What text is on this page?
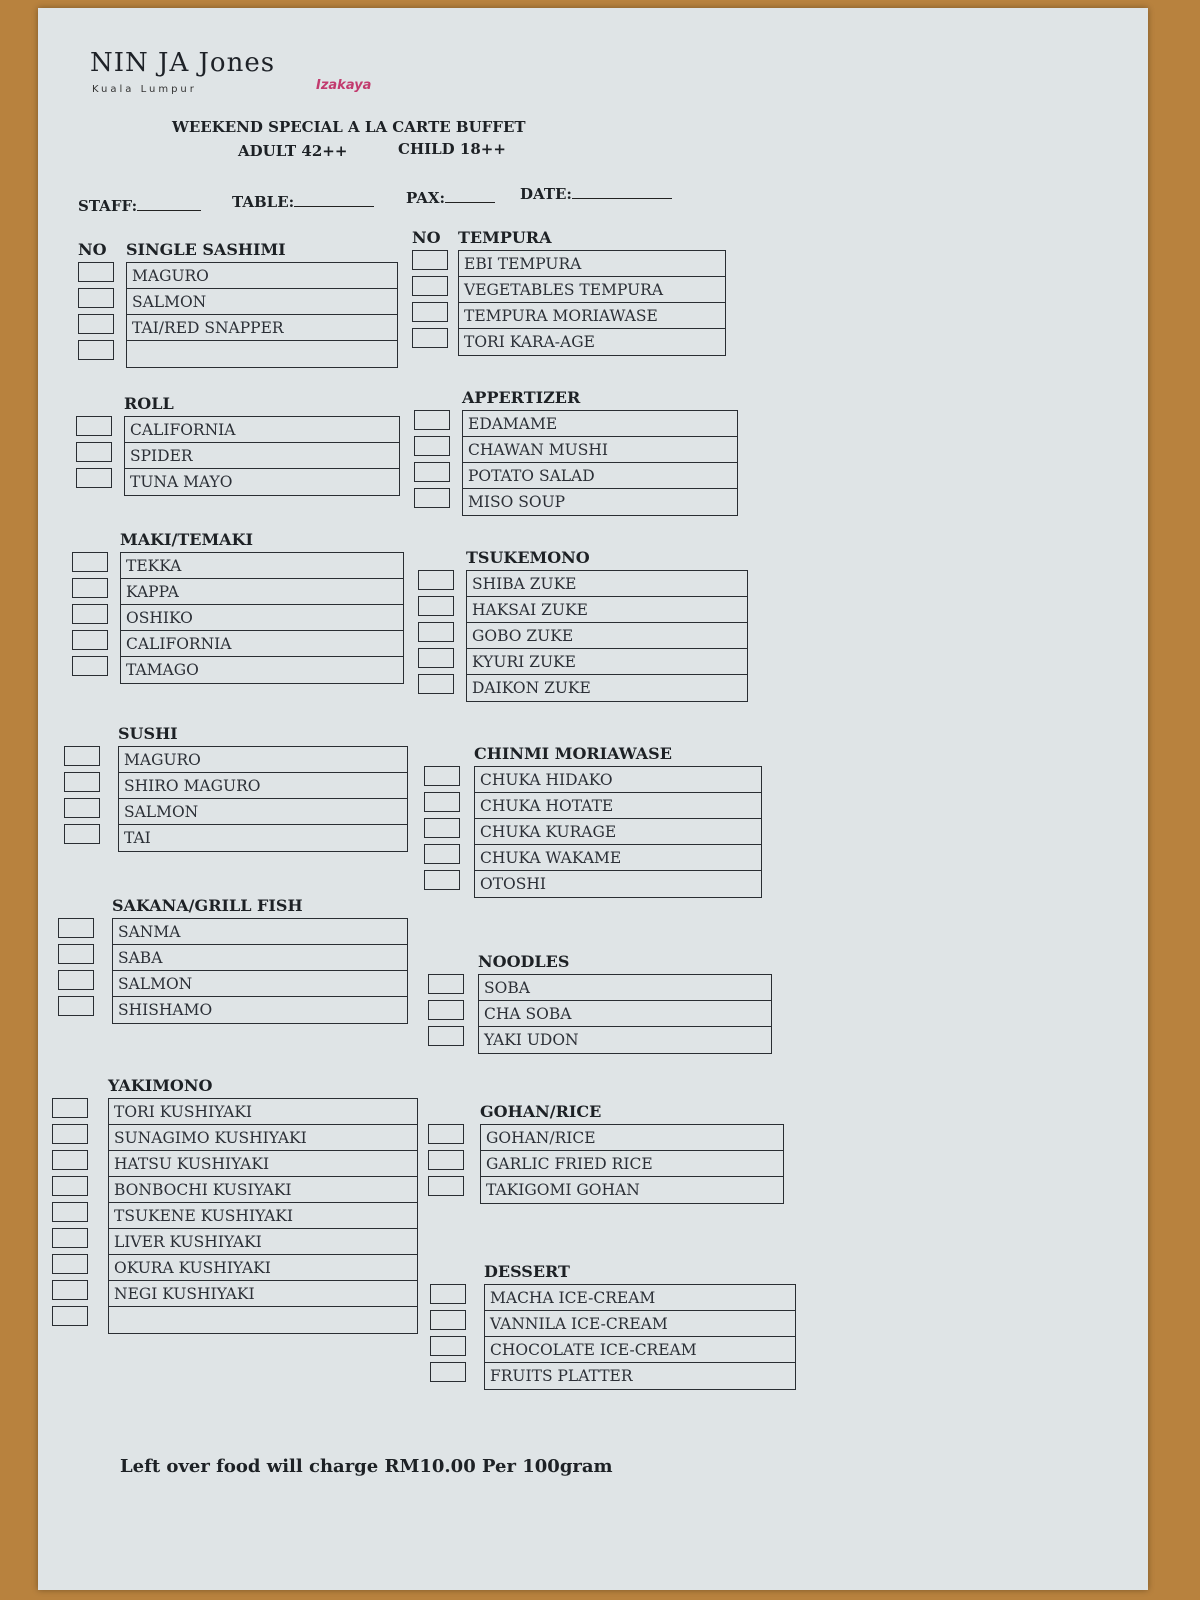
NIN JA Jones
Kuala Lumpur	Izakaya
WEEKEND SPECIAL A LA CARTE BUFFET
ADULT 42++	CHILD 18++
STAFF:	TABLE:	PAX:	DATE:
NO SINGLE SASHIMI
MAGURO
SALMON
TAI/RED SNAPPER
NO TEMPURA
EBI TEMPURA
VEGETABLES TEMPURA
TEMPURA MORIAWASE
TORI KARA-AGE
ROLL
CALIFORNIA
SPIDER
TUNA MAYO
APPERTIZER
EDAMAME
CHAWAN MUSHI
POTATO SALAD
MISO SOUP
MAKI/TEMAKI
TEKKA
KAPPA
OSHIKO
CALIFORNIA
TAMAGO
TSUKEMONO
SHIBA ZUKE
HAKSAI ZUKE
GOBO ZUKE
KYURI ZUKE
DAIKON ZUKE
SUSHI
MAGURO
SHIRO MAGURO
SALMON
TAI
CHINMI MORIAWASE
CHUKA HIDAKO
CHUKA HOTATE
CHUKA KURAGE
CHUKA WAKAME
OTOSHI
SAKANA/GRILL FISH
SANMA
SABA
SALMON
SHISHAMO
NOODLES
SOBA
CHA SOBA
YAKI UDON
YAKIMONO
TORI KUSHIYAKI
SUNAGIMO KUSHIYAKI
HATSU KUSHIYAKI
BONBOCHI KUSIYAKI
TSUKENE KUSHIYAKI
LIVER KUSHIYAKI
OKURA KUSHIYAKI
NEGI KUSHIYAKI
GOHAN/RICE
GOHAN/RICE
GARLIC FRIED RICE
TAKIGOMI GOHAN
DESSERT
MACHA ICE-CREAM
VANNILA ICE-CREAM
CHOCOLATE ICE-CREAM
FRUITS PLATTER
Left over food will charge RM10.00 Per 100gram
